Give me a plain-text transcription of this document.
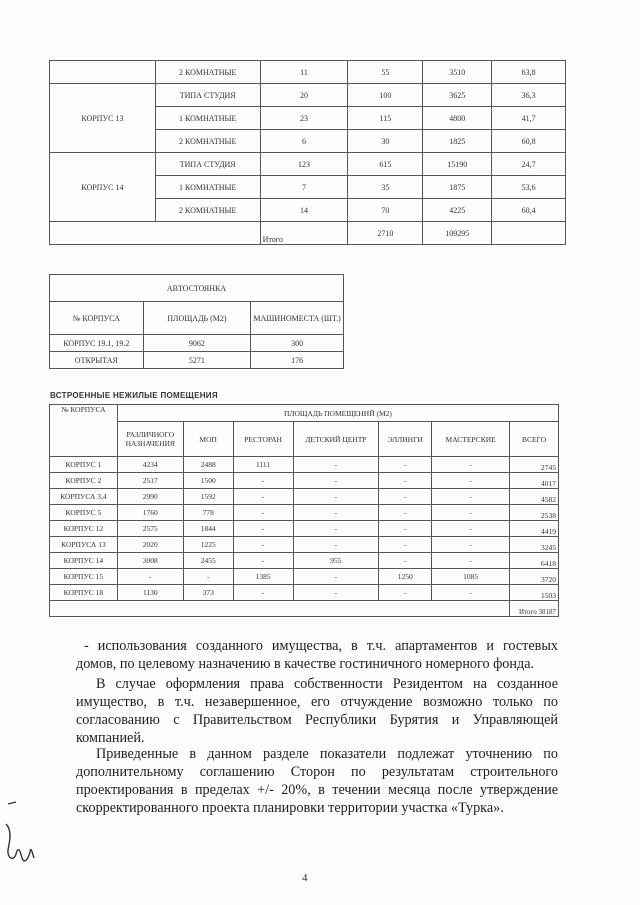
	2 КОМНАТНЫЕ	11	55	3510	63,8
КОРПУС 13	ТИПА СТУДИЯ	20	100	3625	36,3
	1 КОМНАТНЫЕ	23	115	4800	41,7
	2 КОМНАТНЫЕ	6	30	1825	60,8
КОРПУС 14	ТИПА СТУДИЯ	123	615	15190	24,7
	1 КОМНАТНЫЕ	7	35	1875	53,6
	2 КОМНАТНЫЕ	14	70	4225	60,4
		Итого	2710	109295	
АВТОСТОЯНКА		
№ КОРПУСА	ПЛОЩАДЬ (М2)	МАШИНОМЕСТА (ШТ.)
КОРПУС 19.1, 19.2	9062	300
ОТКРЫТАЯ	5271	176
ВСТРОЕННЫЕ НЕЖИЛЫЕ ПОМЕЩЕНИЯ
№ КОРПУСА	ПЛОЩАДЬ ПОМЕЩЕНИЙ (М2)						
	РАЗЛИЧНОГО НАЗНАЧЕНИЯ	МОП	РЕСТОРАН	ДЕТСКИЙ ЦЕНТР	ЭЛЛИНГИ	МАСТЕРСКИЕ	ВСЕГО
КОРПУС 1	4234	2488	1111	-	-	-	2745
КОРПУС 2	2517	1500	-	-	-	-	4017
КОРПУСА 3,4	2990	1592	-	-	-	-	4582
КОРПУС 5	1760	778	-	-	-	-	2538
КОРПУС 12	2575	1844	-	-	-	-	4419
КОРПУСА 13	2020	1225	-	-	-	-	3245
КОРПУС 14	3008	2455	-	955	-	-	6418
КОРПУС 15	-	-	1385	-	1250	1085	3720
КОРПУС 18	1130	373	-	-	-	-	1503
							Итого 38187

- использования созданного имущества, в т.ч. апартаментов и гостевых домов, по целевому назначению в качестве гостиничного номерного фонда.

В случае оформления права собственности Резидентом на созданное имущество, в т.ч. незавершенное, его отчуждение возможно только по согласованию с Правительством Республики Бурятия и Управляющей компанией.

Приведенные в данном разделе показатели подлежат уточнению по дополнительному соглашению Сторон по результатам строительного проектирования в пределах +/- 20%, в течении месяца после утверждение скорректированного проекта планировки территории участка «Турка».

4
